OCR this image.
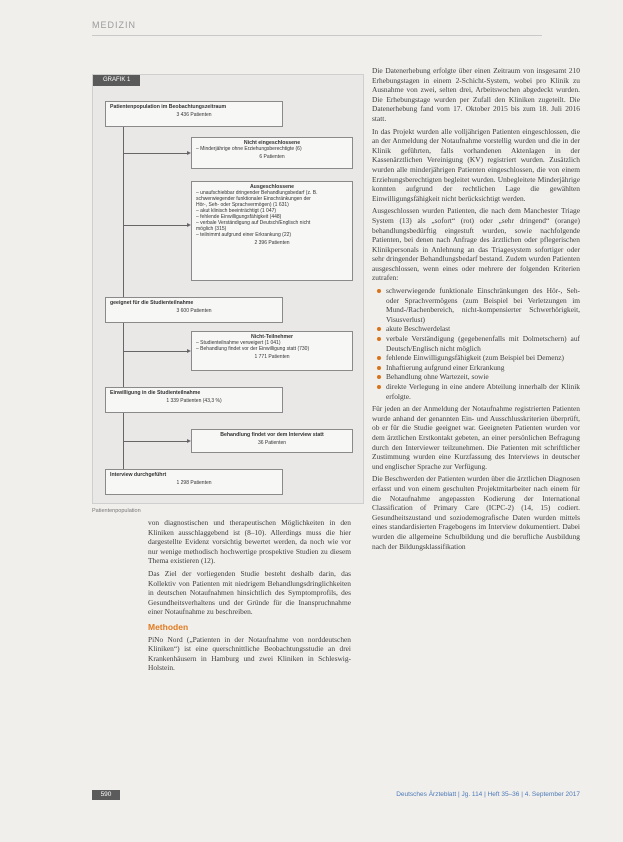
MEDIZIN
GRAFIK 1
Patientenpopulation im Beobachtungszeitraum
3 436 Patienten
Nicht eingeschlossene
– Minderjährige ohne Erziehungsberechtigte (6)
6 Patienten
Ausgeschlossene
– unaufschiebbar dringender Behandlungsbedarf (z. B.
schwerwiegender funktionaler Einschränkungen der
Hör-, Seh- oder Sprachvermögen) (1 631)
– akut klinisch beeinträchtigt (1 047)
– fehlende Einwilligungsfähigkeit (448)
– verbale Verständigung auf Deutsch/Englisch nicht
möglich (315)
– teilnimmt aufgrund einer Erkrankung (22)
2 396 Patienten
geeignet für die Studienteilnahme
3 600 Patienten
Nicht-Teilnehmer
– Studienteilnahme verweigert (1 041)
– Behandlung findet vor der Einwilligung statt (730)
1 771 Patienten
Einwilligung in die Studienteilnahme
1 339 Patienten (43,3 %)
Behandlung findet vor dem Interview statt
36 Patienten
Interview durchgeführt
1 298 Patienten
Patientenpopulation

von diagnostischen und therapeutischen Möglichkeiten in den Kliniken ausschlaggebend ist (8–10). Allerdings muss die hier dargestellte Evidenz vorsichtig bewertet werden, da noch wie vor nur wenige methodisch hochwertige prospektive Studien zu diesem Thema existieren (12).

Das Ziel der vorliegenden Studie besteht deshalb darin, das Kollektiv von Patienten mit niedrigem Behandlungsdringlichkeiten in deutschen Notaufnahmen hinsichtlich des Symptomprofils, des Gesundheitsverhaltens und der Gründe für die Inanspruchnahme einer Notaufnahme zu beschreiben.

Methoden

PiNo Nord („Patienten in der Notaufnahme von norddeutschen Kliniken“) ist eine querschnittliche Beobachtungsstudie an drei Krankenhäusern in Hamburg und zwei Kliniken in Schleswig-Holstein.

Die Datenerhebung erfolgte über einen Zeitraum von insgesamt 210 Erhebungstagen in einem 2-Schicht-System, wobei pro Klinik zu Ausnahme von zwei, selten drei, Arbeitswochen abgedeckt wurden. Die Erhebungstage wurden per Zufall den Kliniken zugeteilt. Die Datenerhebung fand vom 17. Oktober 2015 bis zum 18. Juli 2016 statt.

In das Projekt wurden alle volljährigen Patienten eingeschlossen, die an der Anmeldung der Notaufnahme vorstellig wurden und die in der Klinik geführten, falls vorhandenen Aktenlagen in der Kassenärztlichen Vereinigung (KV) registriert wurden. Zusätzlich wurden alle minderjährigen Patienten eingeschlossen, die von einem Erziehungsberechtigten begleitet wurden. Unbegleitete Minderjährige konnten aufgrund der rechtlichen Lage die gewählten Einwilligungsfähigkeit nicht berücksichtigt werden.

Ausgeschlossen wurden Patienten, die nach dem Manchester Triage System (13) als „sofort“ (rot) oder „sehr dringend“ (orange) behandlungsbedürftig eingestuft wurden, sowie nachfolgende Patienten, bei denen nach Anfrage des ärztlichen oder pflegerischen Klinikpersonals in Anlehnung an das Triagesystem sofortiger oder sehr dringender Behandlungsbedarf bestand. Zudem wurden Patienten ausgeschlossen, wenn eines oder mehrere der folgenden Kriterien zutrafen:

schwerwiegende funktionale Einschränkungen des Hör-, Seh- oder Sprachvermögens (zum Beispiel bei Verletzungen im Mund-/Rachenbereich, nicht-kompensierter Schwerhörigkeit, Visusverlust)
akute Beschwerdelast
verbale Verständigung (gegebenenfalls mit Dolmetschern) auf Deutsch/Englisch nicht möglich
fehlende Einwilligungsfähigkeit (zum Beispiel bei Demenz)
Inhaftierung aufgrund einer Erkrankung
Behandlung ohne Wartezeit, sowie
direkte Verlegung in eine andere Abteilung innerhalb der Klinik erfolgte.

Für jeden an der Anmeldung der Notaufnahme registrierten Patienten wurde anhand der genannten Ein- und Ausschlusskriterien überprüft, ob er für die Studie geeignet war. Geeigneten Patienten wurden vor dem ärztlichen Erstkontakt gebeten, an einer persönlichen Befragung durch den Interviewer teilzunehmen. Die Patienten mit schriftlicher Zustimmung wurden eine Kurzfassung des Interviews in deutscher und englischer Sprache zur Verfügung.

Die Beschwerden der Patienten wurden über die ärztlichen Diagnosen erfasst und von einem geschulten Projektmitarbeiter nach einem für die Notaufnahme angepassten Kodierung der International Classification of Primary Care (ICPC-2) (14, 15) codiert. Gesundheitszustand und soziodemografische Daten wurden mittels eines standardisierten Fragebogens im Interview dokumentiert. Dabei wurden die allgemeine Schulbildung und die berufliche Ausbildung nach der Bildungsklassifikation

590	Deutsches Ärzteblatt | Jg. 114 | Heft 35–36 | 4. September 2017
